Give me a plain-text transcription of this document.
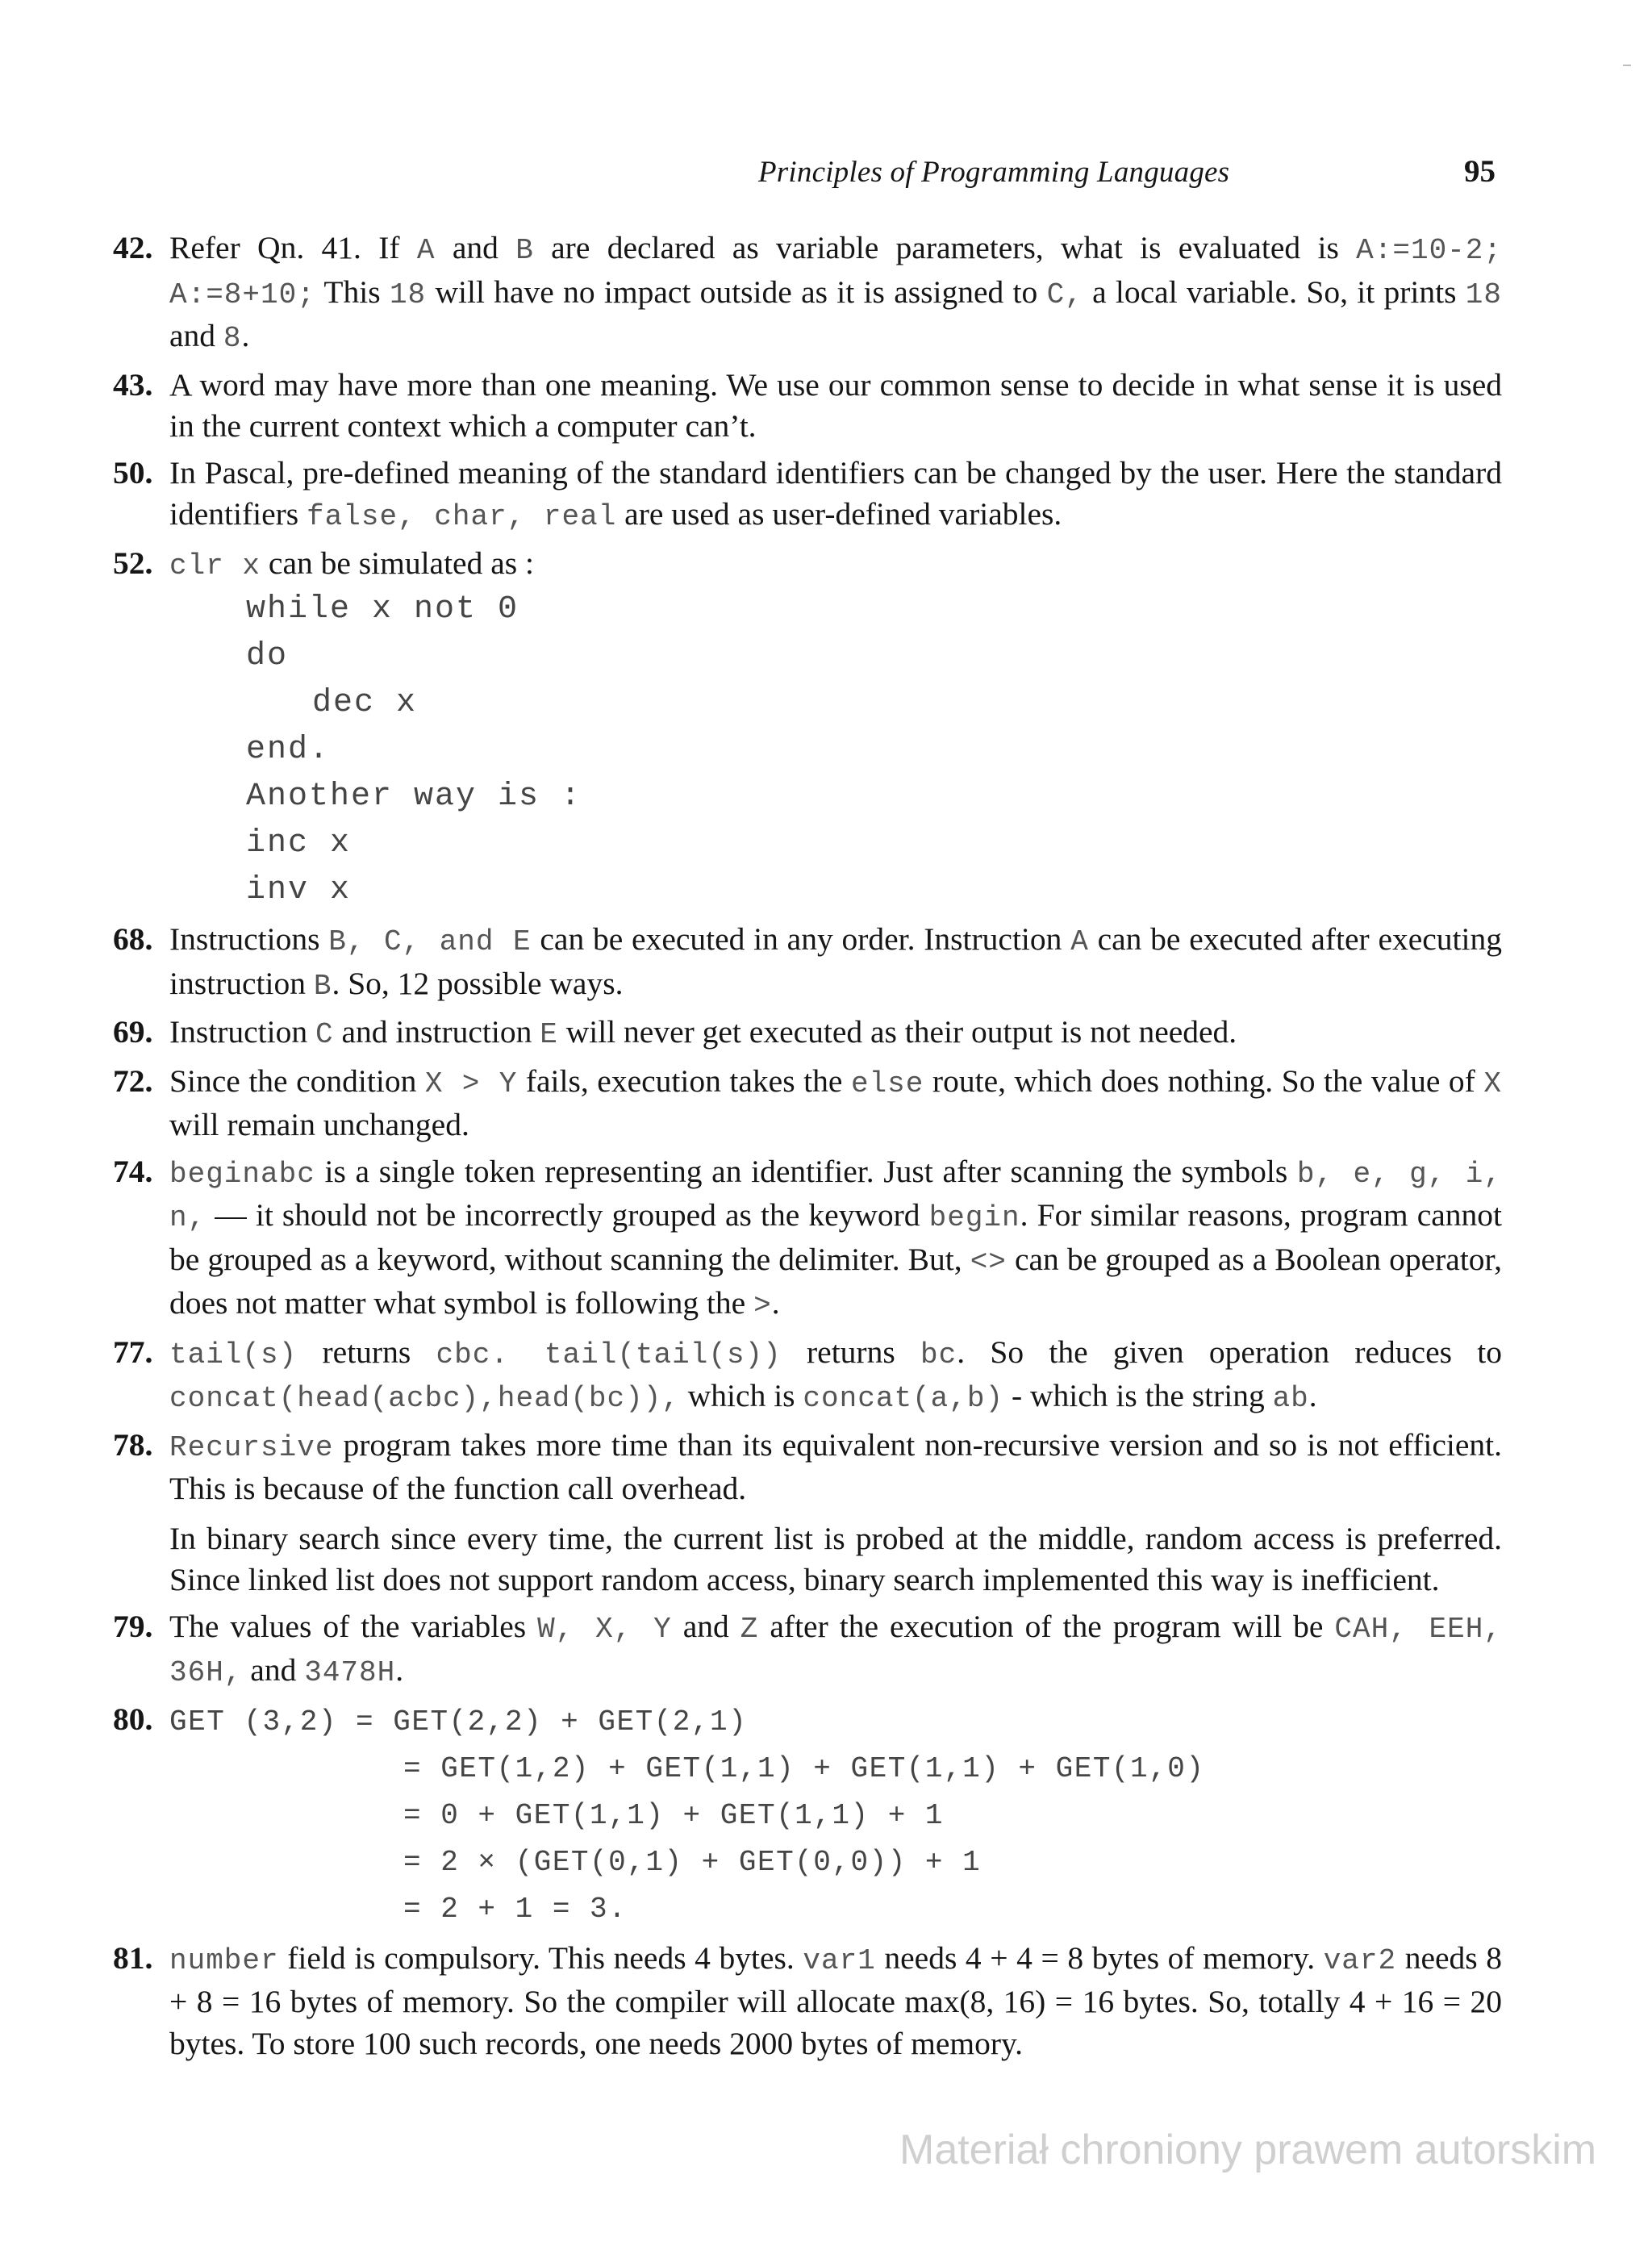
Principles of Programming Languages	95
42. Refer Qn. 41. If A and B are declared as variable parameters, what is evaluated is A:=10-2; A:=8+10; This 18 will have no impact outside as it is assigned to C, a local variable. So, it prints 18 and 8.
43. A word may have more than one meaning. We use our common sense to decide in what sense it is used in the current context which a computer can’t.
50. In Pascal, pre-defined meaning of the standard identifiers can be changed by the user. Here the standard identifiers false, char, real are used as user-defined variables.
52. clr x can be simulated as :
while x not 0
do
dec x
end.
Another way is :
inc x
inv x
68. Instructions B, C, and E can be executed in any order. Instruction A can be executed after executing instruction B. So, 12 possible ways.
69. Instruction C and instruction E will never get executed as their output is not needed.
72. Since the condition X > Y fails, execution takes the else route, which does nothing. So the value of X will remain unchanged.
74. beginabc is a single token representing an identifier. Just after scanning the symbols b, e, g, i, n, — it should not be incorrectly grouped as the keyword begin. For similar reasons, program cannot be grouped as a keyword, without scanning the delimiter. But, <> can be grouped as a Boolean operator, does not matter what symbol is following the >.
77. tail(s) returns cbc. tail(tail(s)) returns bc. So the given operation reduces to concat(head(acbc),head(bc)), which is concat(a,b) - which is the string ab.
78. Recursive program takes more time than its equivalent non-recursive version and so is not efficient. This is because of the function call overhead.
In binary search since every time, the current list is probed at the middle, random access is preferred. Since linked list does not support random access, binary search implemented this way is inefficient.
79. The values of the variables W, X, Y and Z after the execution of the program will be CAH, EEH, 36H, and 3478H.
80. GET (3,2) = GET(2,2) + GET(2,1)
= GET(1,2) + GET(1,1) + GET(1,1) + GET(1,0)
= 0 + GET(1,1) + GET(1,1) + 1
= 2 × (GET(0,1) + GET(0,0)) + 1
= 2 + 1 = 3.
81. number field is compulsory. This needs 4 bytes. var1 needs 4 + 4 = 8 bytes of memory. var2 needs 8 + 8 = 16 bytes of memory. So the compiler will allocate max(8, 16) = 16 bytes. So, totally 4 + 16 = 20 bytes. To store 100 such records, one needs 2000 bytes of memory.
Materiał chroniony prawem autorskim
